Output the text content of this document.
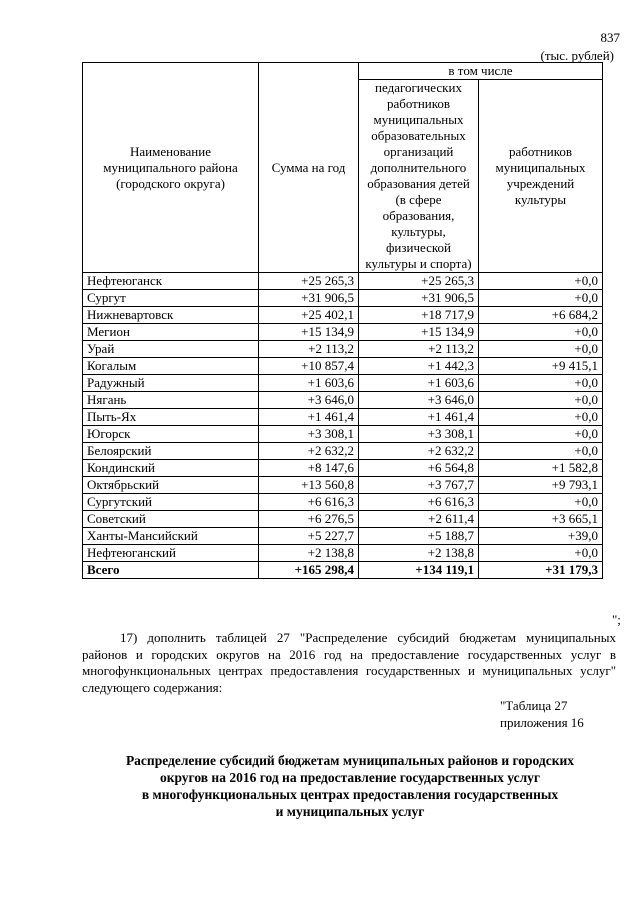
837
(тыс. рублей)
Наименование муниципального района (городского округа)	Сумма на год	в том числе	
		педагогических работников муниципальных образовательных организаций дополнительного образования детей (в сфере образования, культуры, физической культуры и спорта)	работников муниципальных учреждений культуры
Нефтеюганск	+25 265,3	+25 265,3	+0,0
Сургут	+31 906,5	+31 906,5	+0,0
Нижневартовск	+25 402,1	+18 717,9	+6 684,2
Мегион	+15 134,9	+15 134,9	+0,0
Урай	+2 113,2	+2 113,2	+0,0
Когалым	+10 857,4	+1 442,3	+9 415,1
Радужный	+1 603,6	+1 603,6	+0,0
Нягань	+3 646,0	+3 646,0	+0,0
Пыть-Ях	+1 461,4	+1 461,4	+0,0
Югорск	+3 308,1	+3 308,1	+0,0
Белоярский	+2 632,2	+2 632,2	+0,0
Кондинский	+8 147,6	+6 564,8	+1 582,8
Октябрьский	+13 560,8	+3 767,7	+9 793,1
Сургутский	+6 616,3	+6 616,3	+0,0
Советский	+6 276,5	+2 611,4	+3 665,1
Ханты-Мансийский	+5 227,7	+5 188,7	+39,0
Нефтеюганский	+2 138,8	+2 138,8	+0,0
Всего	+165 298,4	+134 119,1	+31 179,3
";

17) дополнить таблицей 27 "Распределение субсидий бюджетам муниципальных районов и городских округов на 2016 год на предоставление государственных услуг в многофункциональных центрах предоставления государственных и муниципальных услуг" следующего содержания:

"Таблица 27
приложения 16
Распределение субсидий бюджетам муниципальных районов и городских
округов на 2016 год на предоставление государственных услуг
в многофункциональных центрах предоставления государственных
и муниципальных услуг
